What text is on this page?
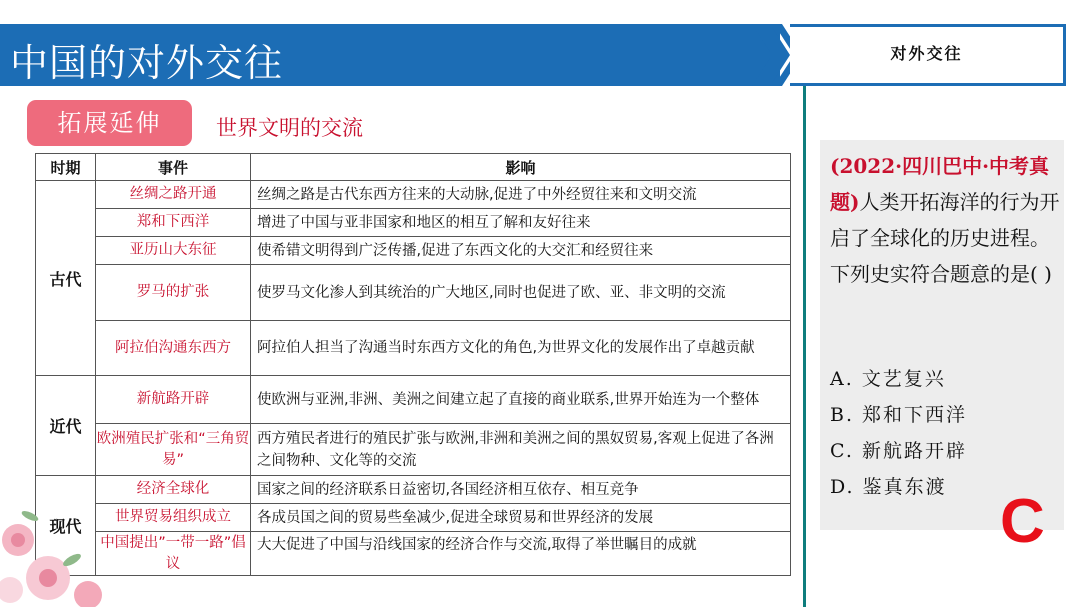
中国的对外交往	对外交往
拓展延伸	世界文明的交流
时期	事件	影响
古代	丝绸之路开通	丝绸之路是古代东西方往来的大动脉,促进了中外经贸往来和文明交流
	郑和下西洋	增进了中国与亚非国家和地区的相互了解和友好往来
	亚历山大东征	使希错文明得到广泛传播,促进了东西文化的大交汇和经贸往来
	罗马的扩张	使罗马文化渗人到其统治的广大地区,同时也促进了欧、亚、非文明的交流
	阿拉伯沟通东西方	阿拉伯人担当了沟通当时东西方文化的角色,为世界文化的发展作出了卓越贡献
近代	新航路开辟	使欧洲与亚洲,非洲、美洲之间建立起了直接的商业联系,世界开始连为一个整体
	欧洲殖民扩张和“三角贸易”	西方殖民者进行的殖民扩张与欧洲,非洲和美洲之间的黑奴贸易,客观上促进了各洲之间物种、文化等的交流
现代	经济全球化	国家之间的经济联系日益密切,各国经济相互依存、相互竞争
	世界贸易组织成立	各成员国之间的贸易些垒减少,促进全球贸易和世界经济的发展
	中国提出”一带一路”倡议	大大促进了中国与沿线国家的经济合作与交流,取得了举世瞩目的成就
(2022·四川巴中·中考真题)人类开拓海洋的行为开启了全球化的历史进程。下列史实符合题意的是( )
A. 文艺复兴
B. 郑和下西洋
C. 新航路开辟
D. 鉴真东渡 C
